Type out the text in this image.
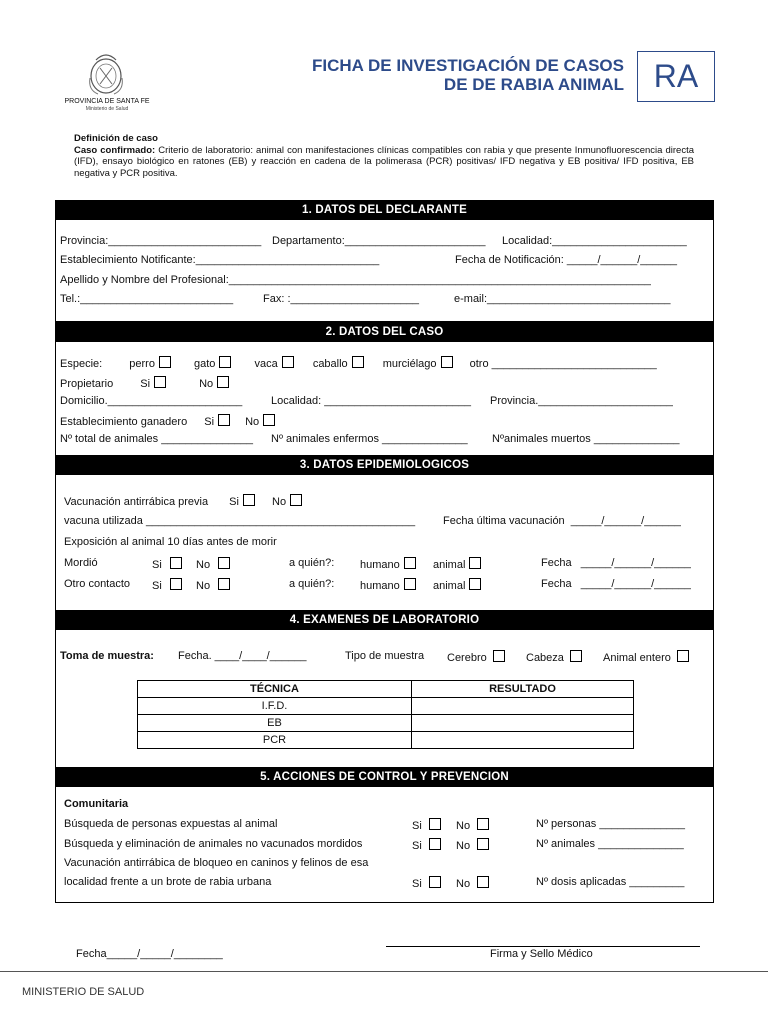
PROVINCIA DE SANTA FE
Ministerio de Salud
FICHA DE INVESTIGACIÓN DE CASOS
DE DE RABIA ANIMAL RA
Definición de caso
Caso confirmado: Criterio de laboratorio: animal con manifestaciones clínicas compatibles con rabia y que presente Inmunofluorescencia directa (IFD), ensayo biológico en ratones (EB) y reacción en cadena de la polimerasa (PCR) positivas/ IFD negativa y EB positiva/ IFD positiva, EB negativa y PCR positiva.
1. DATOS DEL DECLARANTE
Provincia:_________________________ Departamento:_______________________ Localidad:______________________
Establecimiento Notificante:______________________________	Fecha de Notificación: _____/______/______
Apellido y Nombre del Profesional:_____________________________________________________________________
Tel.:_________________________	Fax: :_____________________	e-mail:______________________________
2. DATOS DEL CASO
Especie: perro	gato	vaca	caballo	murciélago	otro ___________________________
Propietario Si	No
Domicilio.______________________	Localidad: ________________________ Provincia.______________________
Establecimiento ganadero Si	No
Nº total de animales _______________ Nº animales enfermos ______________ Nºanimales muertos ______________
3. DATOS EPIDEMIOLOGICOS
Vacunación antirrábica previa Si	No
vacuna utilizada ____________________________________________	Fecha última vacunación  _____/______/______
Exposición al animal 10 días antes de morir
Mordió	Si	No	a quién?: humano	animal	Fecha   _____/______/______
Otro contacto Si	No	a quién?: humano	animal	Fecha   _____/______/______
4. EXAMENES DE LABORATORIO
Toma de muestra: Fecha. ____/____/______	Tipo de muestra Cerebro	Cabeza	Animal entero
TÉCNICA	RESULTADO
I.F.D.	
EB	
PCR	
5. ACCIONES DE CONTROL Y PREVENCION
Comunitaria
Búsqueda de personas expuestas al animal	Si	No	Nº personas ______________
Búsqueda y eliminación de animales no vacunados mordidos	Si	No	Nº animales ______________
Vacunación antirrábica de bloqueo en caninos y felinos de esa
localidad frente a un brote de rabia urbana	Si	No	Nº dosis aplicadas _________
Fecha_____/_____/________	Firma y Sello Médico
MINISTERIO DE SALUD
